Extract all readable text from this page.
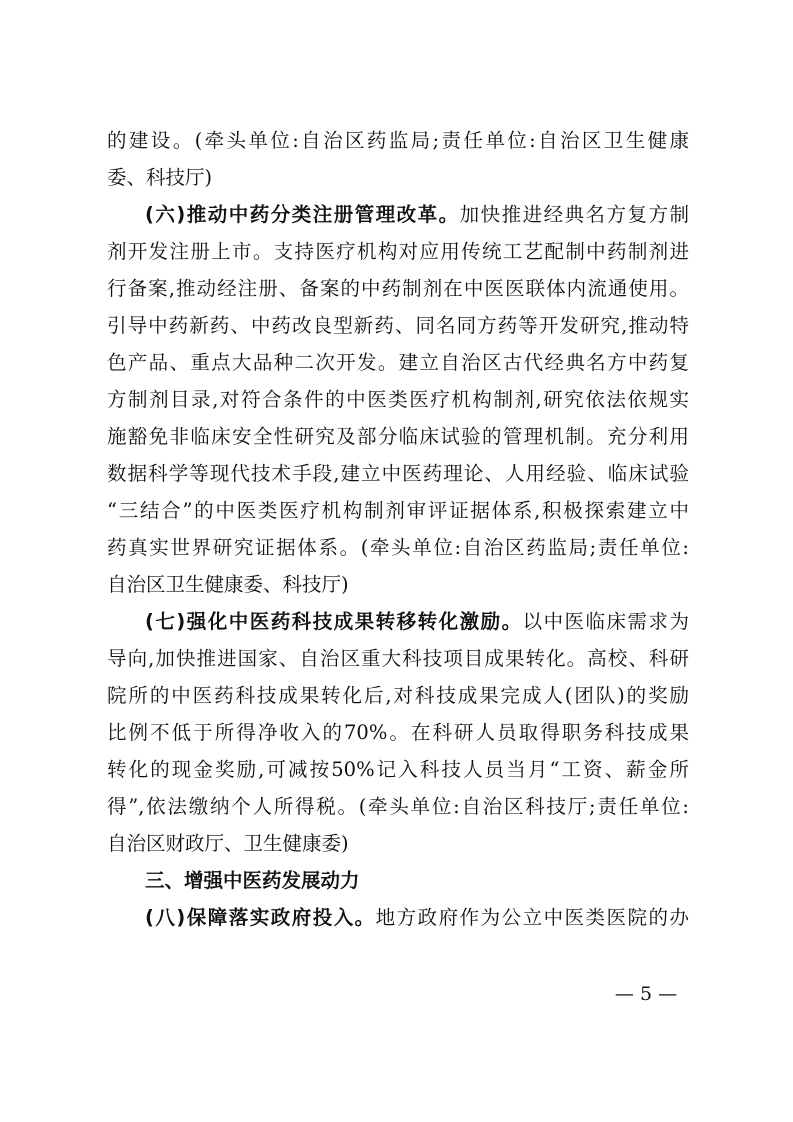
的建设。(牵头单位:自治区药监局;责任单位:自治区卫生健康
委、科技厅)
(六)推动中药分类注册管理改革。加快推进经典名方复方制
剂开发注册上市。支持医疗机构对应用传统工艺配制中药制剂进
行备案,推动经注册、备案的中药制剂在中医医联体内流通使用。
引导中药新药、中药改良型新药、同名同方药等开发研究,推动特
色产品、重点大品种二次开发。建立自治区古代经典名方中药复
方制剂目录,对符合条件的中医类医疗机构制剂,研究依法依规实
施豁免非临床安全性研究及部分临床试验的管理机制。充分利用
数据科学等现代技术手段,建立中医药理论、人用经验、临床试验
“三结合”的中医类医疗机构制剂审评证据体系,积极探索建立中
药真实世界研究证据体系。(牵头单位:自治区药监局;责任单位:
自治区卫生健康委、科技厅)
(七)强化中医药科技成果转移转化激励。以中医临床需求为
导向,加快推进国家、自治区重大科技项目成果转化。高校、科研
院所的中医药科技成果转化后,对科技成果完成人(团队)的奖励
比例不低于所得净收入的70%。在科研人员取得职务科技成果
转化的现金奖励,可减按50%记入科技人员当月“工资、薪金所
得”,依法缴纳个人所得税。(牵头单位:自治区科技厅;责任单位:
自治区财政厅、卫生健康委)
三、增强中医药发展动力
(八)保障落实政府投入。地方政府作为公立中医类医院的办
— 5 —
